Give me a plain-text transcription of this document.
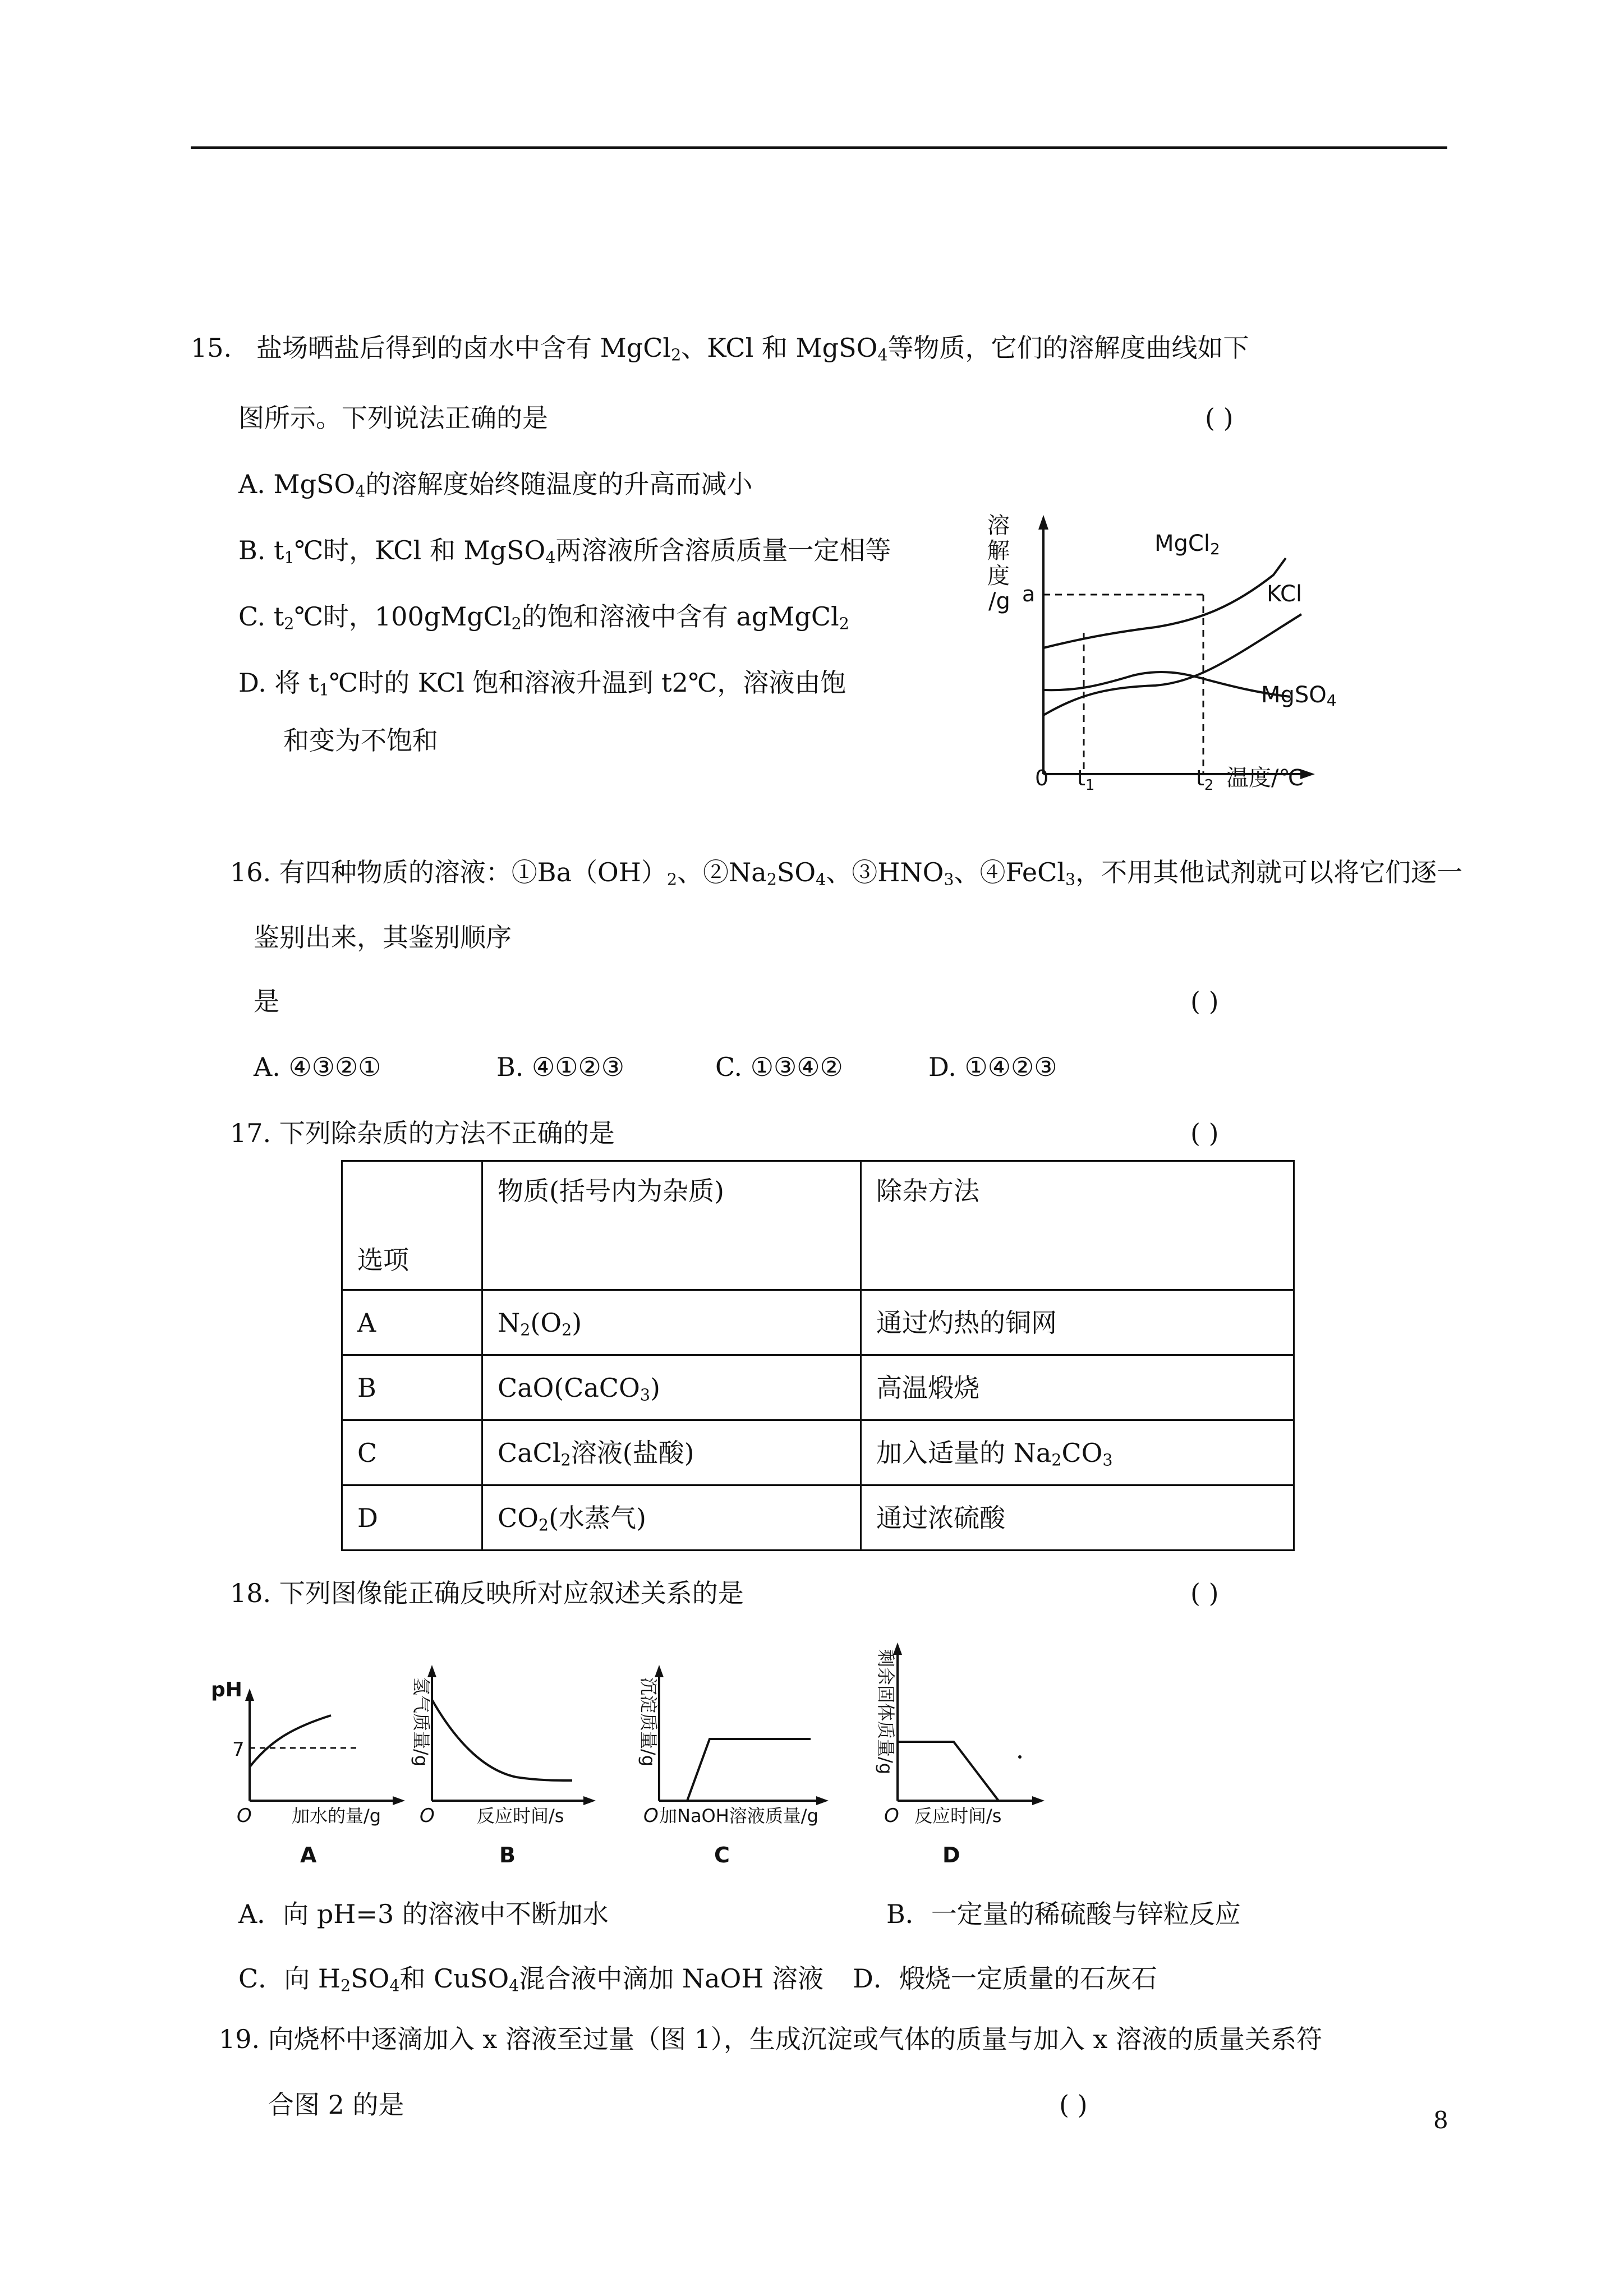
15. 盐场晒盐后得到的卤水中含有 MgCl$_2$、KCl 和 MgSO$_4$等物质，它们的溶解度曲线如下
图所示。下列说法正确的是	( )
A. MgSO$_4$的溶解度始终随温度的升高而减小
B. $t_1℃$时，KCl 和 MgSO$_4$两溶液所含溶质质量一定相等
C. $t_2℃$时，100gMgCl$_2$的饱和溶液中含有 agMgCl$_2$
D. 将 $t_1℃$时的 KCl 饱和溶液升温到 t2℃，溶液由饱
和变为不饱和
溶
解
度
/g a
0 $t_1$	$t_2$ 温度/℃
MgCl2
KCl
MgSO4
16. 有四种物质的溶液：$①Ba(OH)_2$、$②Na_2SO_4$、$③HNO_3$、④FeCl$_3$，不用其他试剂就可以将它们逐一
鉴别出来，其鉴别顺序
是	( )
A. ④③②①	B. ④①②③	C. ①③④②	D. ①④②③
17. 下列除杂质的方法不正确的是	( )
选项	物质(括号内为杂质)	除杂方法
A	$N_2(O_2)$	通过灼热的铜网
B	CaO(CaCO$_3$)	高温煅烧
C	CaCl$_2$溶液(盐酸)	加入适量的 $Na_2CO_3$
D	$CO_2$(水蒸气)	通过浓硫酸
18. 下列图像能正确反映所对应叙述关系的是	( )
pH
7
O 加水的量/g
A
氢气质量/g
O 反应时间/s
B
沉淀质量/g
O 加NaOH溶液质量/g
C
剩余固体质量/g
O 反应时间/s
D
A．向 pH=3 的溶液中不断加水	B．一定量的稀硫酸与锌粒反应
C．向 $H_2SO_4$和 CuSO$_4$混合液中滴加 NaOH 溶液 D．煅烧一定质量的石灰石
19. 向烧杯中逐滴加入 x 溶液至过量（图 1），生成沉淀或气体的质量与加入 x 溶液的质量关系符
合图 2 的是	( )
8
